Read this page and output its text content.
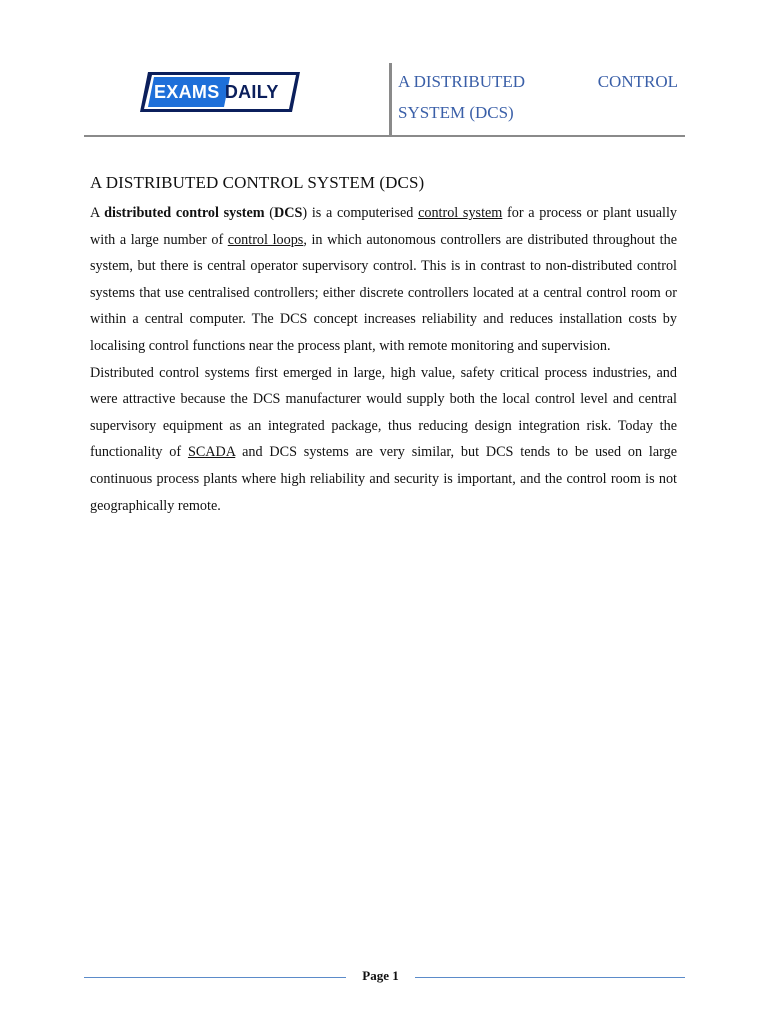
EXAMS DAILY
A DISTRIBUTED	CONTROL
SYSTEM (DCS)
A DISTRIBUTED CONTROL SYSTEM (DCS)

A distributed control system (DCS) is a computerised control system for a process or plant usually with a large number of control loops, in which autonomous controllers are distributed throughout the system, but there is central operator supervisory control. This is in contrast to non-distributed control systems that use centralised controllers; either discrete controllers located at a central control room or within a central computer. The DCS concept increases reliability and reduces installation costs by localising control functions near the process plant, with remote monitoring and supervision.

Distributed control systems first emerged in large, high value, safety critical process industries, and were attractive because the DCS manufacturer would supply both the local control level and central supervisory equipment as an integrated package, thus reducing design integration risk. Today the functionality of SCADA and DCS systems are very similar, but DCS tends to be used on large continuous process plants where high reliability and security is important, and the control room is not geographically remote.

Page 1
